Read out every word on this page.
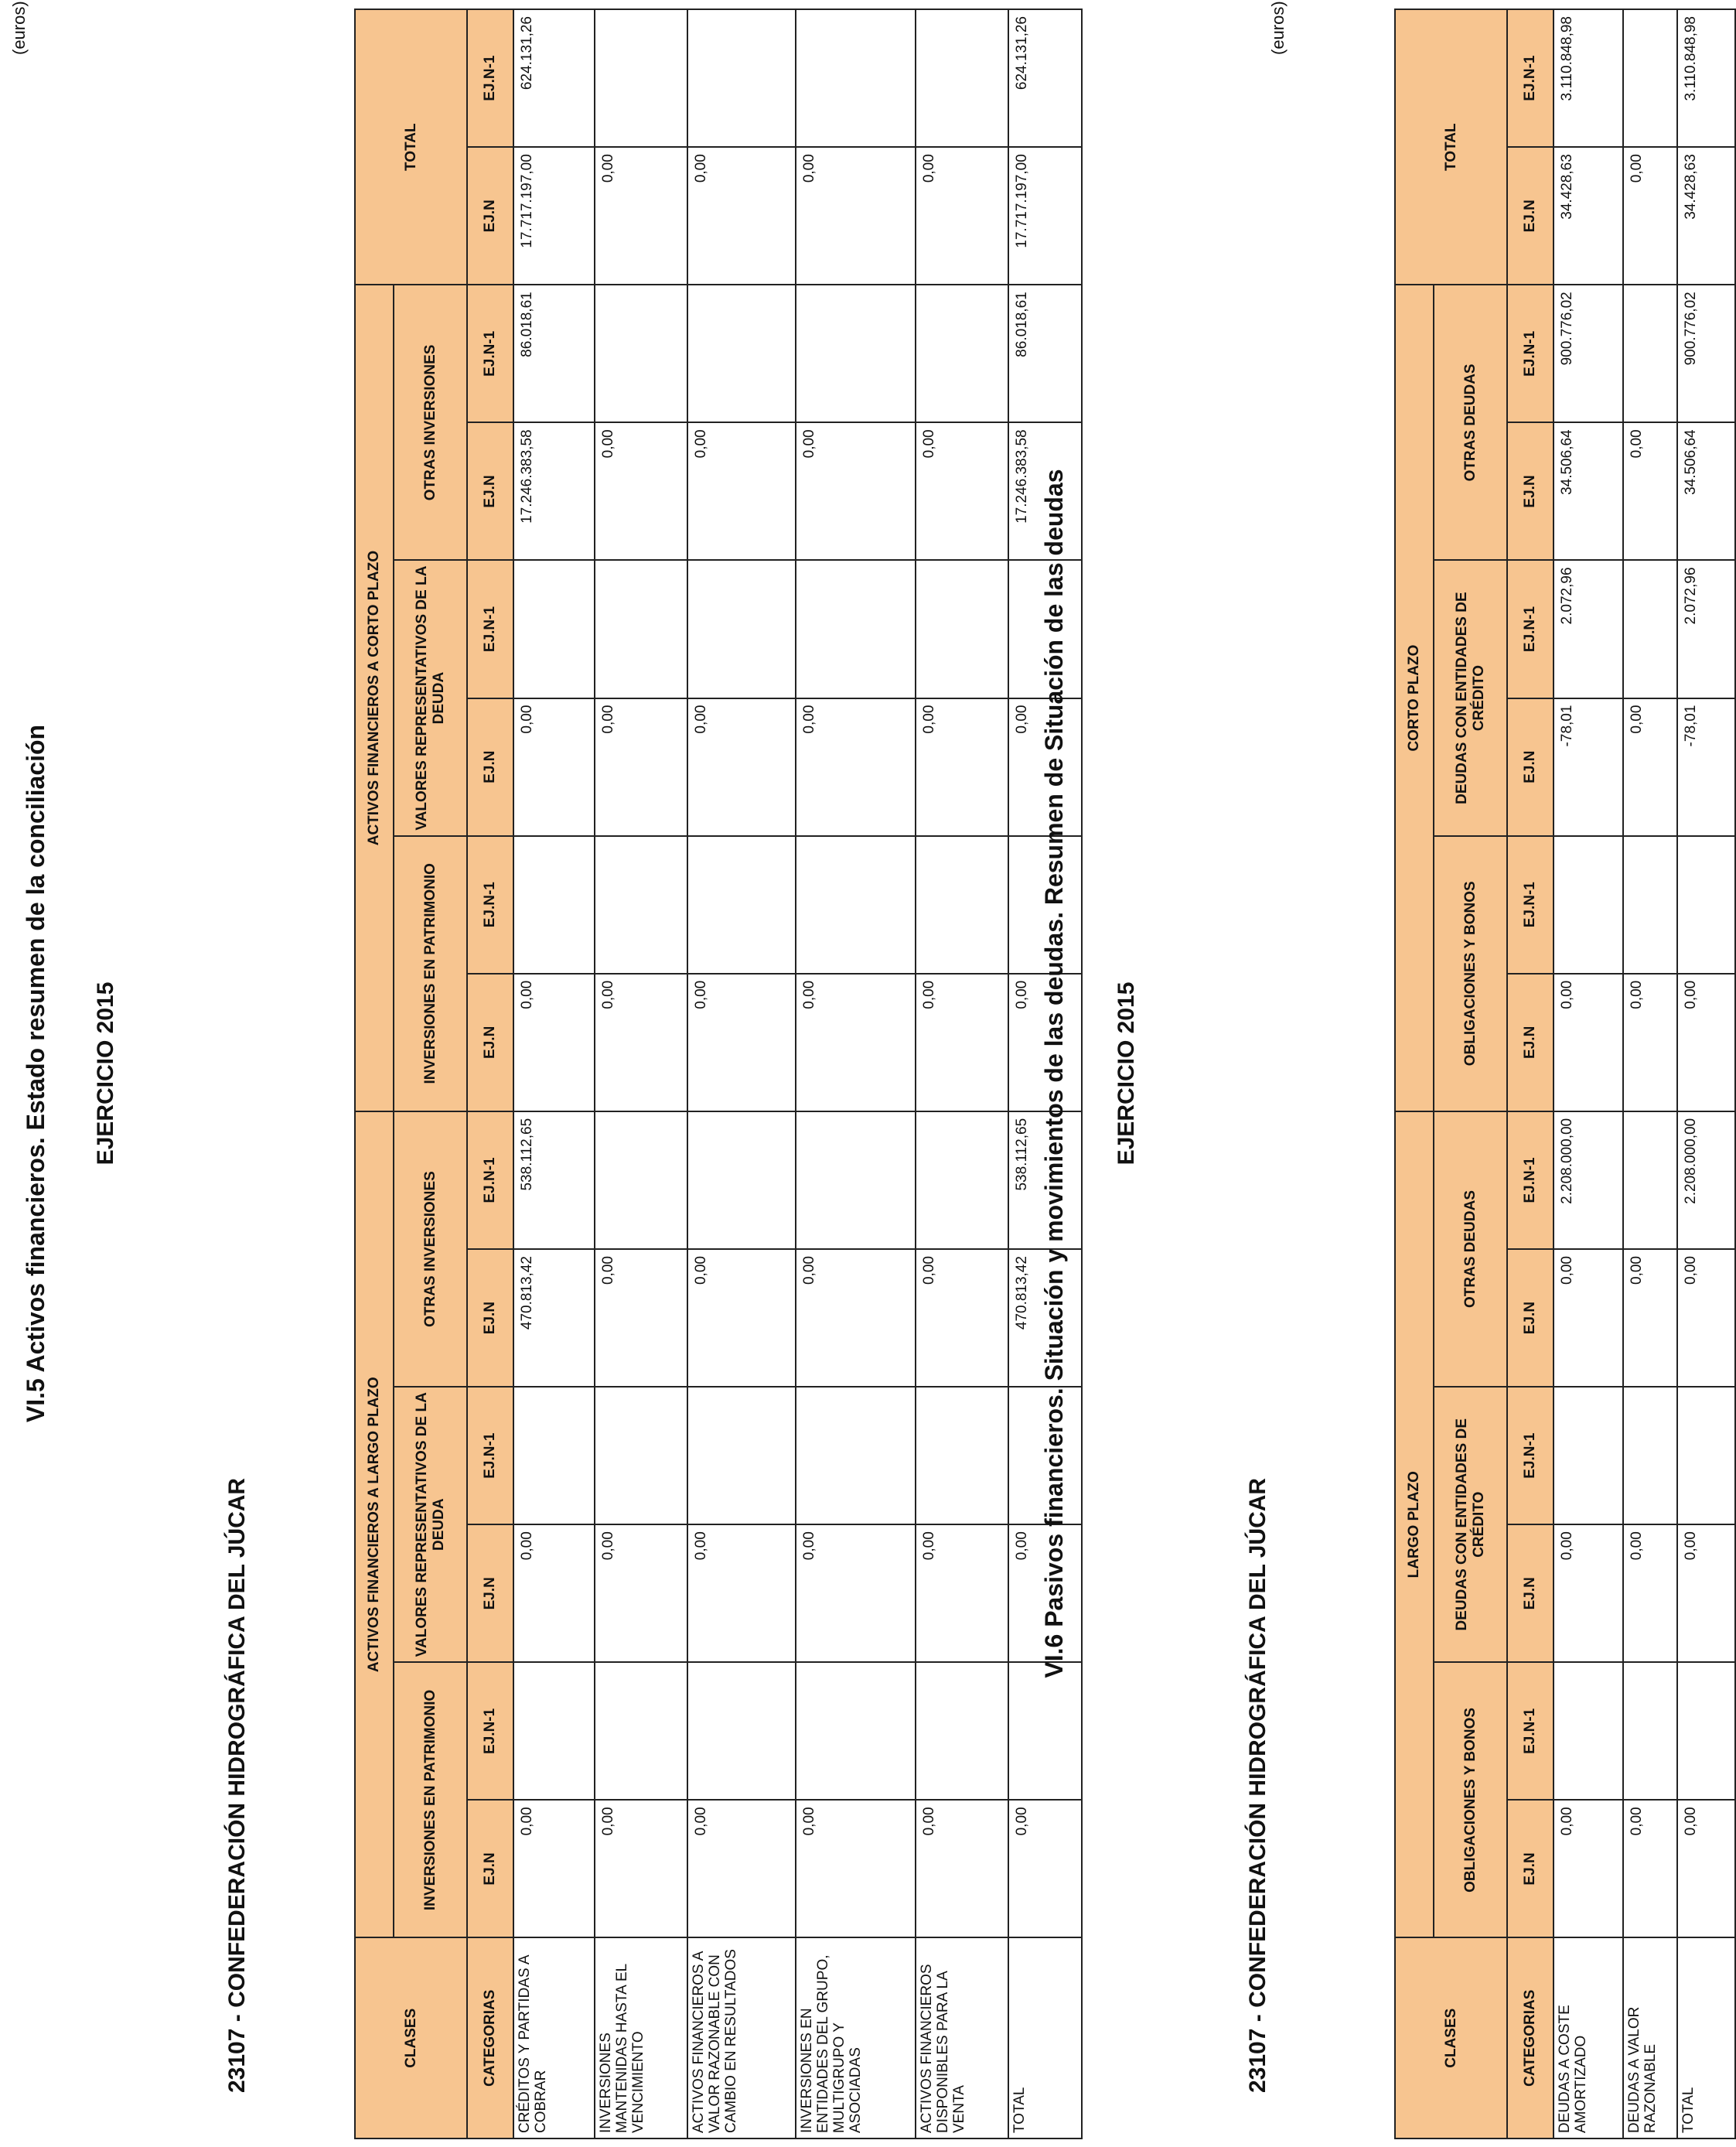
VI.5 Activos financieros. Estado resumen de la conciliación EJERCICIO 2015
23107 - CONFEDERACIÓN HIDROGRÁFICA DEL JÚCAR
(euros)
CLASES	ACTIVOS FINANCIEROS A LARGO PLAZO						ACTIVOS FINANCIEROS A CORTO PLAZO						TOTAL	
	INVERSIONES EN PATRIMONIO		VALORES REPRESENTATIVOS DE LA DEUDA		OTRAS INVERSIONES		INVERSIONES EN PATRIMONIO		VALORES REPRESENTATIVOS DE LA DEUDA		OTRAS INVERSIONES			
CATEGORIAS	EJ.N	EJ.N-1	EJ.N	EJ.N-1	EJ.N	EJ.N-1	EJ.N	EJ.N-1	EJ.N	EJ.N-1	EJ.N	EJ.N-1	EJ.N	EJ.N-1
CRÉDITOS Y PARTIDAS A COBRAR	0,00		0,00		470.813,42	538.112,65	0,00		0,00		17.246.383,58	86.018,61	17.717.197,00	624.131,26
INVERSIONES MANTENIDAS HASTA EL VENCIMIENTO	0,00		0,00		0,00		0,00		0,00		0,00		0,00	
ACTIVOS FINANCIEROS A VALOR RAZONABLE CON CAMBIO EN RESULTADOS	0,00		0,00		0,00		0,00		0,00		0,00		0,00	
INVERSIONES EN ENTIDADES DEL GRUPO, MULTIGRUPO Y ASOCIADAS	0,00		0,00		0,00		0,00		0,00		0,00		0,00	
ACTIVOS FINANCIEROS DISPONIBLES PARA LA VENTA	0,00		0,00		0,00		0,00		0,00		0,00		0,00	
TOTAL	0,00		0,00		470.813,42	538.112,65	0,00		0,00		17.246.383,58	86.018,61	17.717.197,00	624.131,26
VI.6 Pasivos financieros. Situación y movimientos de las deudas. Resumen de Situación de las deudas EJERCICIO 2015
23107 - CONFEDERACIÓN HIDROGRÁFICA DEL JÚCAR
(euros)
CLASES	LARGO PLAZO						CORTO PLAZO						TOTAL	
	OBLIGACIONES Y BONOS		DEUDAS CON ENTIDADES DE CRÉDITO		OTRAS DEUDAS		OBLIGACIONES Y BONOS		DEUDAS CON ENTIDADES DE CRÉDITO		OTRAS DEUDAS			
CATEGORIAS	EJ.N	EJ.N-1	EJ.N	EJ.N-1	EJ.N	EJ.N-1	EJ.N	EJ.N-1	EJ.N	EJ.N-1	EJ.N	EJ.N-1	EJ.N	EJ.N-1
DEUDAS A COSTE AMORTIZADO	0,00		0,00		0,00	2.208.000,00	0,00		-78,01	2.072,96	34.506,64	900.776,02	34.428,63	3.110.848,98
DEUDAS A VALOR RAZONABLE	0,00		0,00		0,00		0,00		0,00		0,00		0,00	
TOTAL	0,00		0,00		0,00	2.208.000,00	0,00		-78,01	2.072,96	34.506,64	900.776,02	34.428,63	3.110.848,98
